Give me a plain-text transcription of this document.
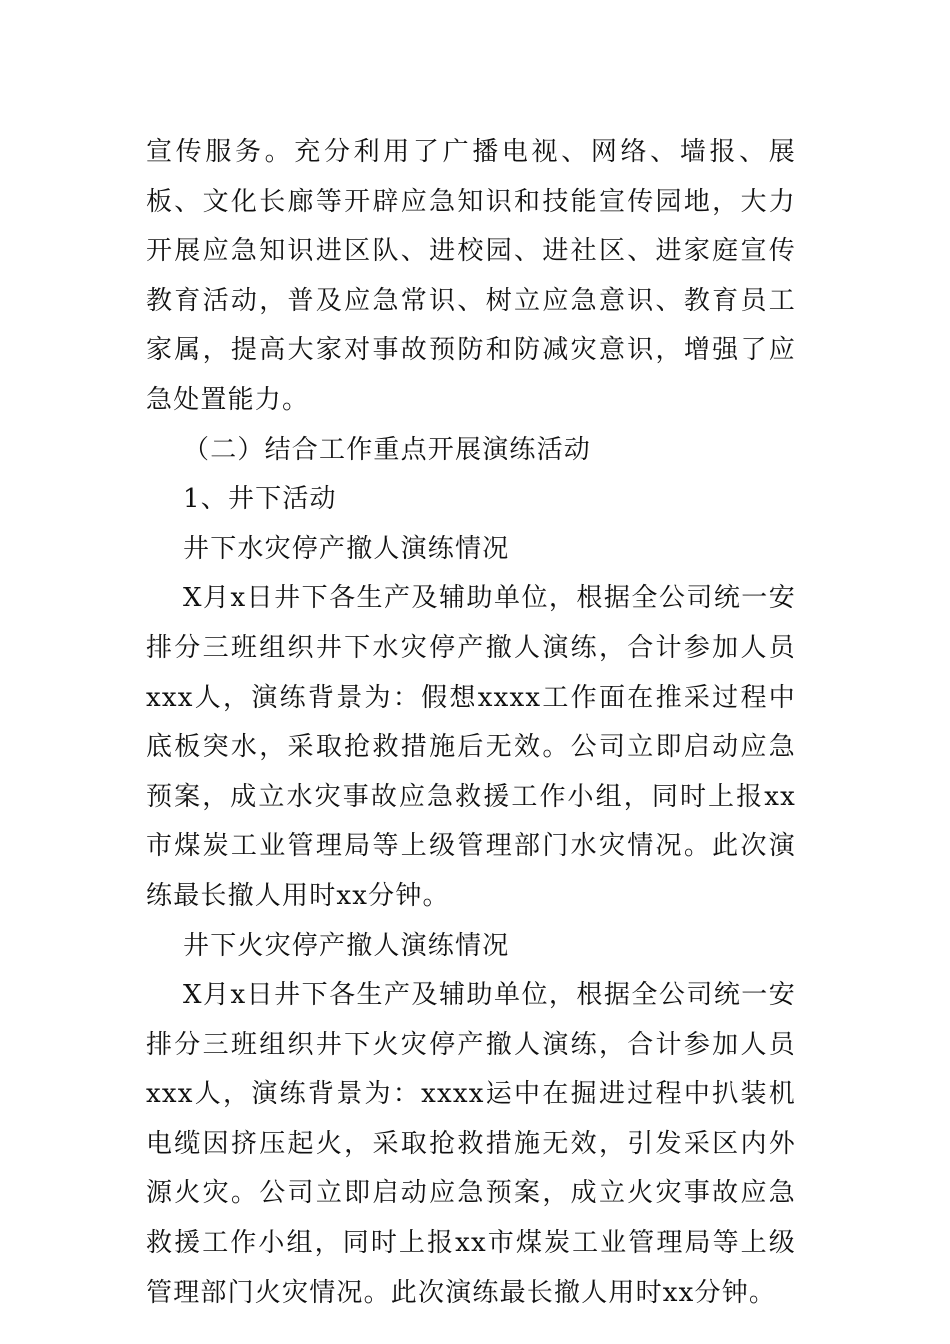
宣传服务。充分利用了广播电视、网络、墙报、展板、文化长廊等开辟应急知识和技能宣传园地，大力开展应急知识进区队、进校园、进社区、进家庭宣传教育活动，普及应急常识、树立应急意识、教育员工家属，提高大家对事故预防和防减灾意识，增强了应急处置能力。

（二）结合工作重点开展演练活动

1、井下活动

井下水灾停产撤人演练情况

X月x日井下各生产及辅助单位，根据全公司统一安排分三班组织井下水灾停产撤人演练，合计参加人员xxx人，演练背景为：假想xxxx工作面在推采过程中底板突水，采取抢救措施后无效。公司立即启动应急预案，成立水灾事故应急救援工作小组，同时上报xx市煤炭工业管理局等上级管理部门水灾情况。此次演练最长撤人用时xx分钟。

井下火灾停产撤人演练情况

X月x日井下各生产及辅助单位，根据全公司统一安排分三班组织井下火灾停产撤人演练，合计参加人员xxx人，演练背景为：xxxx运中在掘进过程中扒装机电缆因挤压起火，采取抢救措施无效，引发采区内外源火灾。公司立即启动应急预案，成立火灾事故应急救援工作小组，同时上报xx市煤炭工业管理局等上级管理部门火灾情况。此次演练最长撤人用时xx分钟。
